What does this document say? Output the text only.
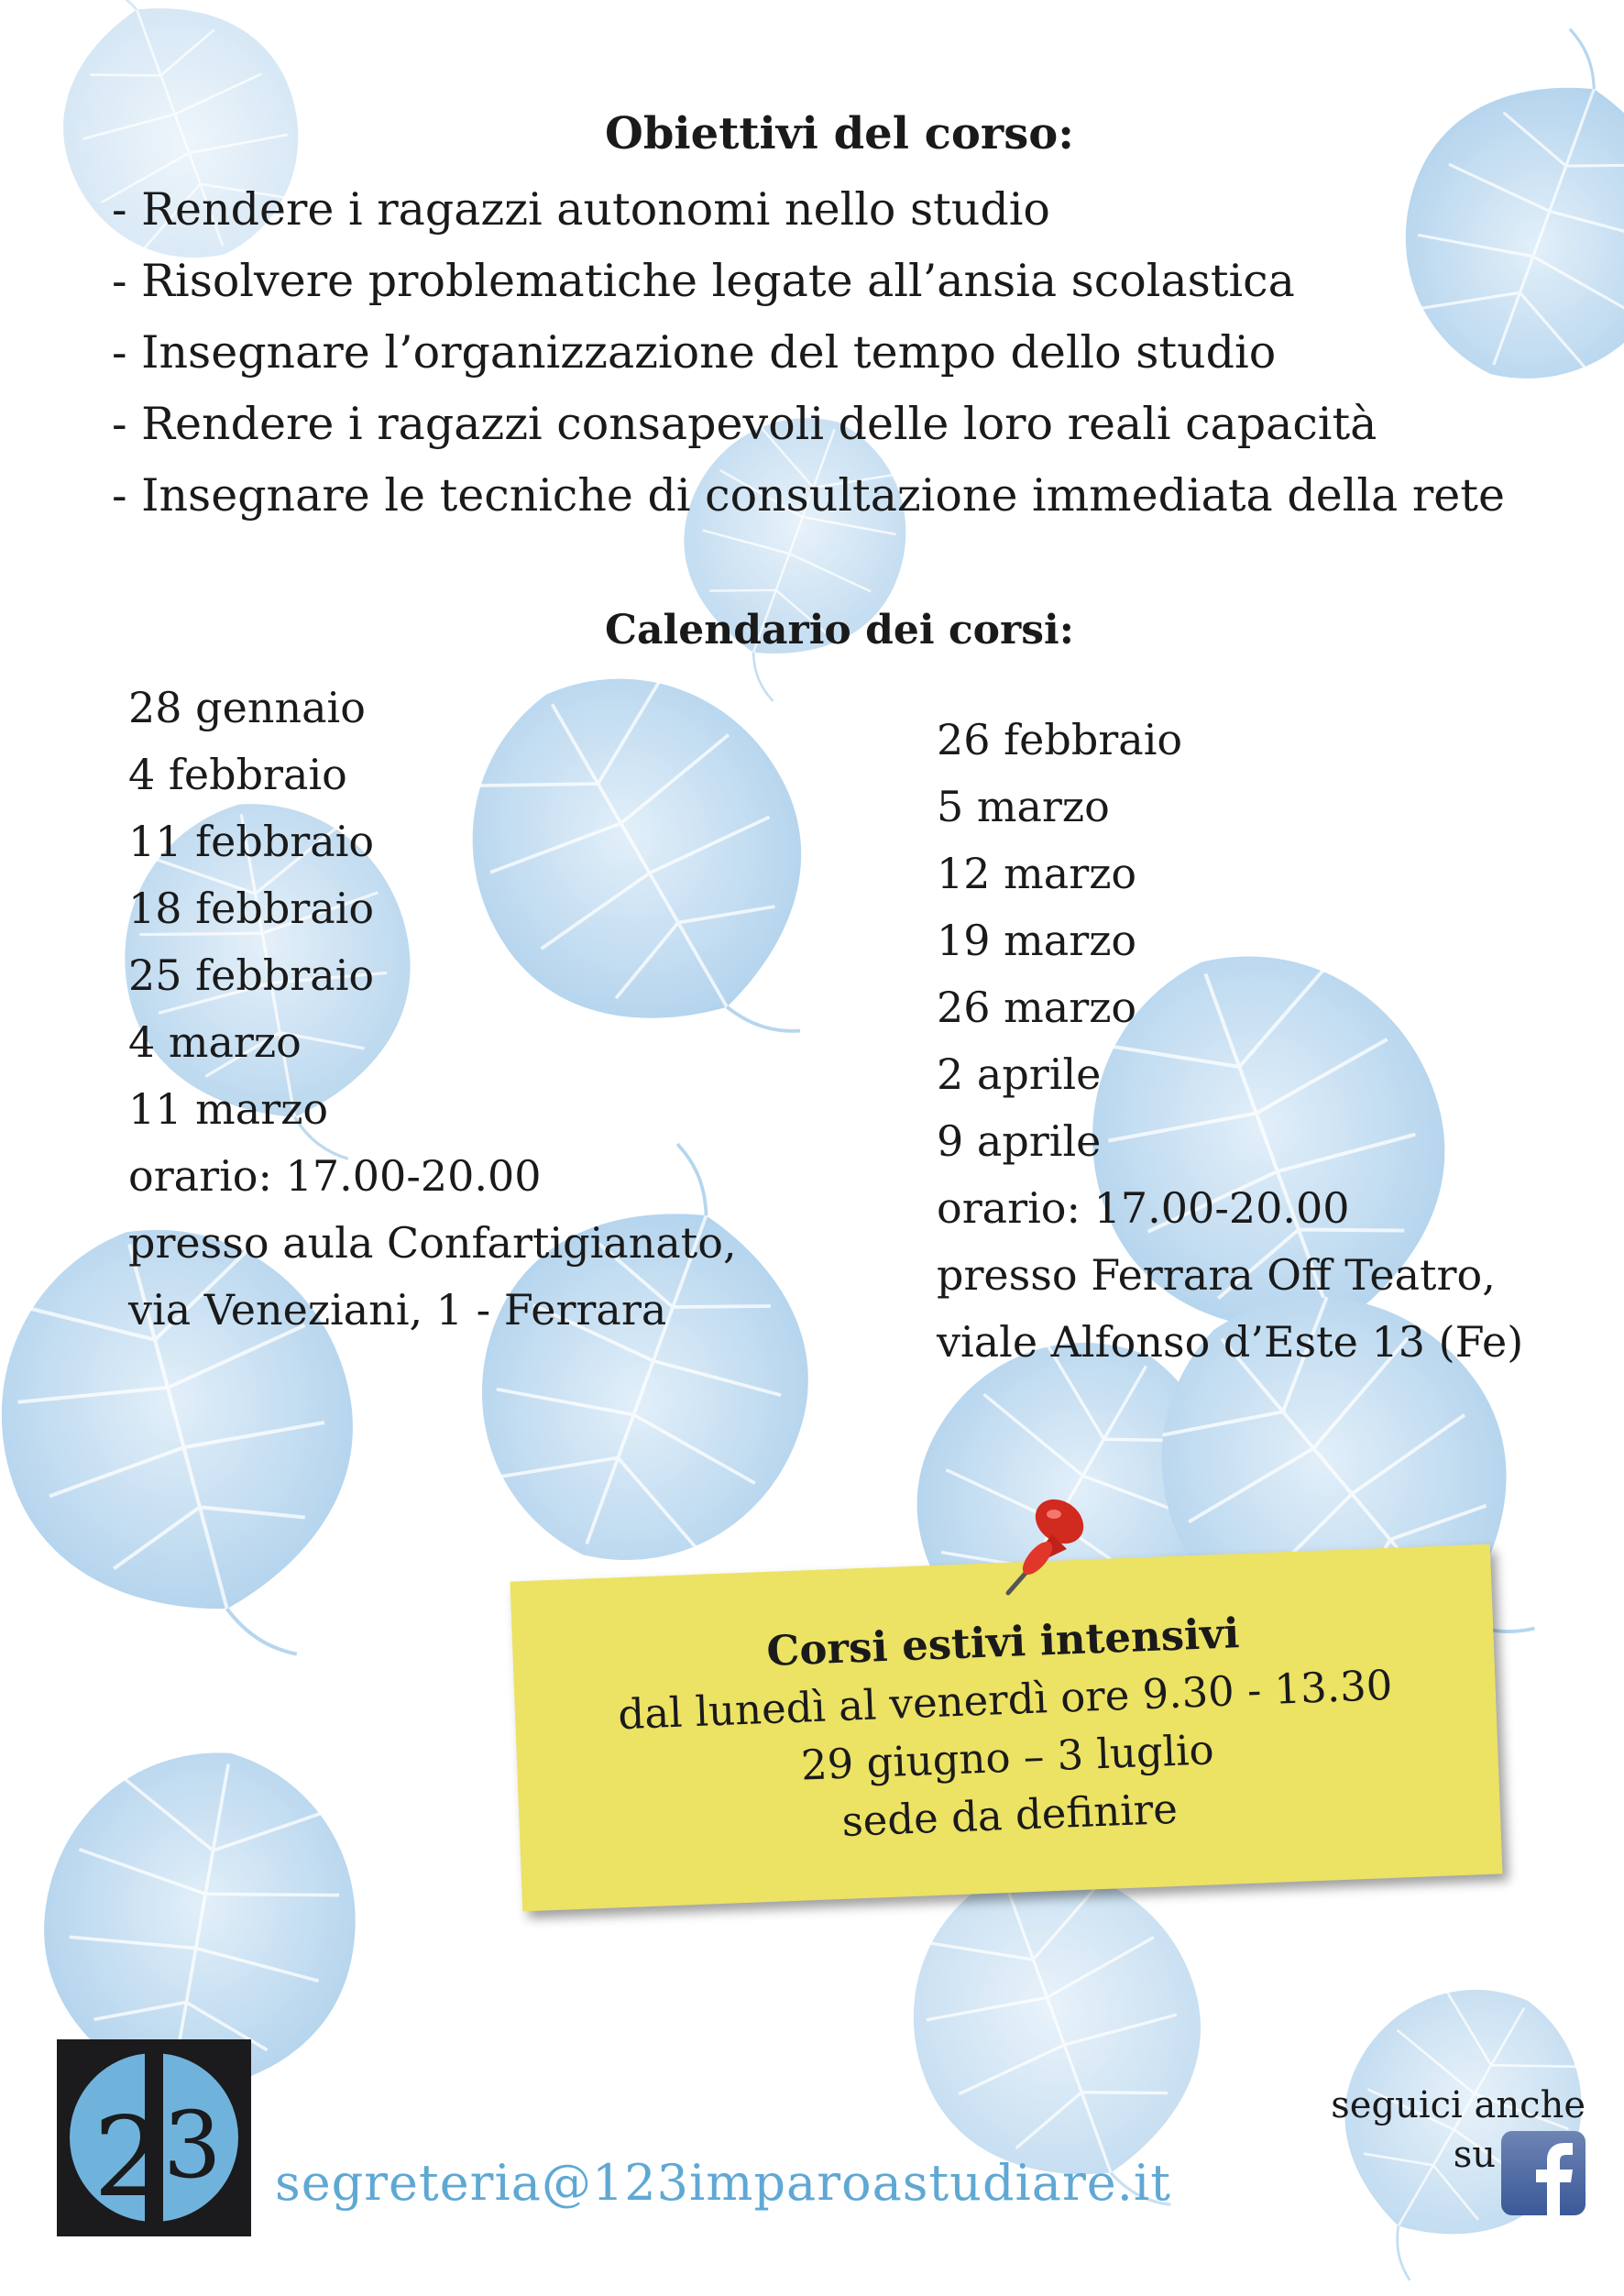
Obiettivi del corso:
- Rendere i ragazzi autonomi nello studio
- Risolvere problematiche legate all’ansia scolastica
- Insegnare l’organizzazione del tempo dello studio
- Rendere i ragazzi consapevoli delle loro reali capacità
- Insegnare le tecniche di consultazione immediata della rete
Calendario dei corsi:
28 gennaio
4 febbraio
11 febbraio
18 febbraio
25 febbraio
4 marzo
11 marzo
orario: 17.00-20.00
presso aula Confartigianato,
via Veneziani, 1 - Ferrara
26 febbraio
5 marzo
12 marzo
19 marzo
26 marzo
2 aprile
9 aprile
orario: 17.00-20.00
presso Ferrara Off Teatro,
viale Alfonso d’Este 13 (Fe)
Corsi estivi intensivi
dal lunedì al venerdì ore 9.30 - 13.30
29 giugno – 3 luglio
sede da definire
2 3 segreteria@123imparoastudiare.it
seguici anche
su
